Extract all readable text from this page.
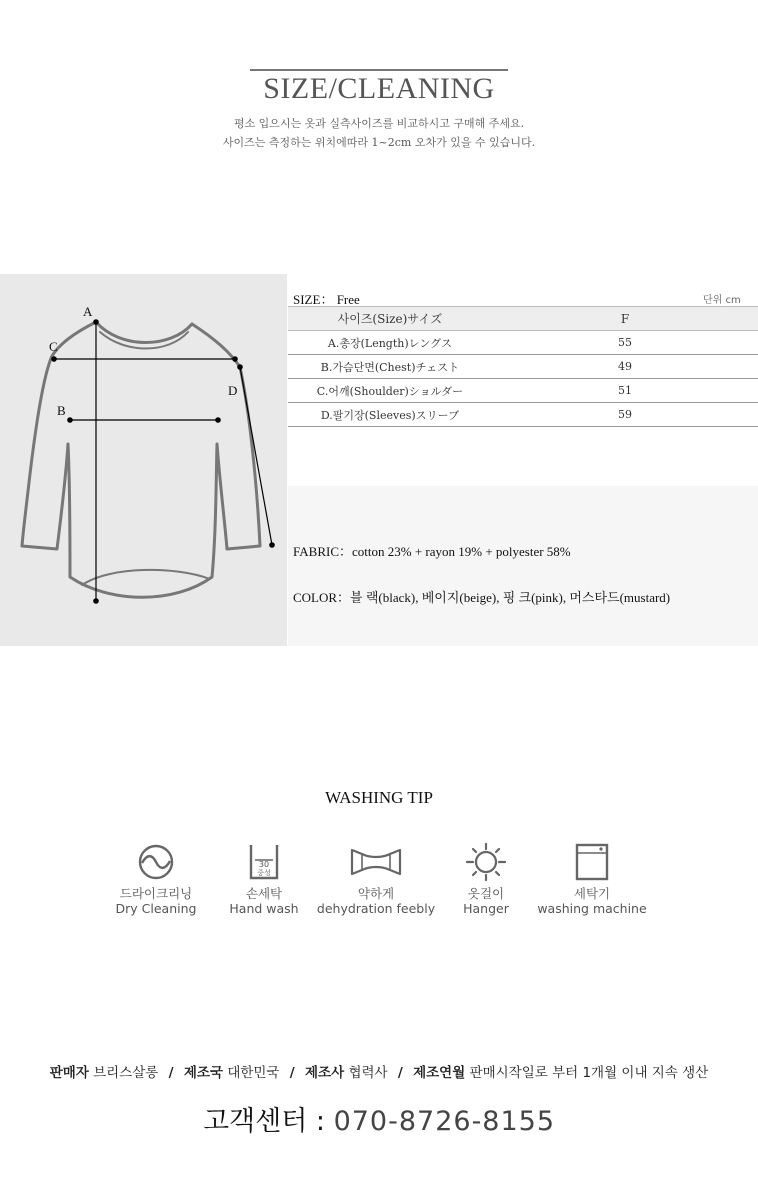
SIZE/CLEANING
평소 입으시는 옷과 실측사이즈를 비교하시고 구매해 주세요.
사이즈는 측정하는 위치에따라 1~2cm 오차가 있을 수 있습니다.
A
B
C
D
SIZE： Free	단위 cm
사이즈(Size)サイズ	F
A.총장(Length)レングス	55
B.가슴단면(Chest)チェスト	49
C.어깨(Shoulder)ショルダー	51
D.팔기장(Sleeves)スリーブ	59
FABRIC：cotton 23% + rayon 19% + polyester 58%
COLOR：블 랙(black), 베이지(beige), 핑 크(pink), 머스타드(mustard)
WASHING TIP
드라이크리닝
Dry Cleaning
30
중성
손세탁
Hand wash
약하게
dehydration feebly
옷걸이
Hanger
세탁기
washing machine
판매자 브리스살롱 / 제조국 대한민국 / 제조사 협력사 / 제조연월 판매시작일로 부터 1개월 이내 지속 생산
고객센터 : 070-8726-8155
